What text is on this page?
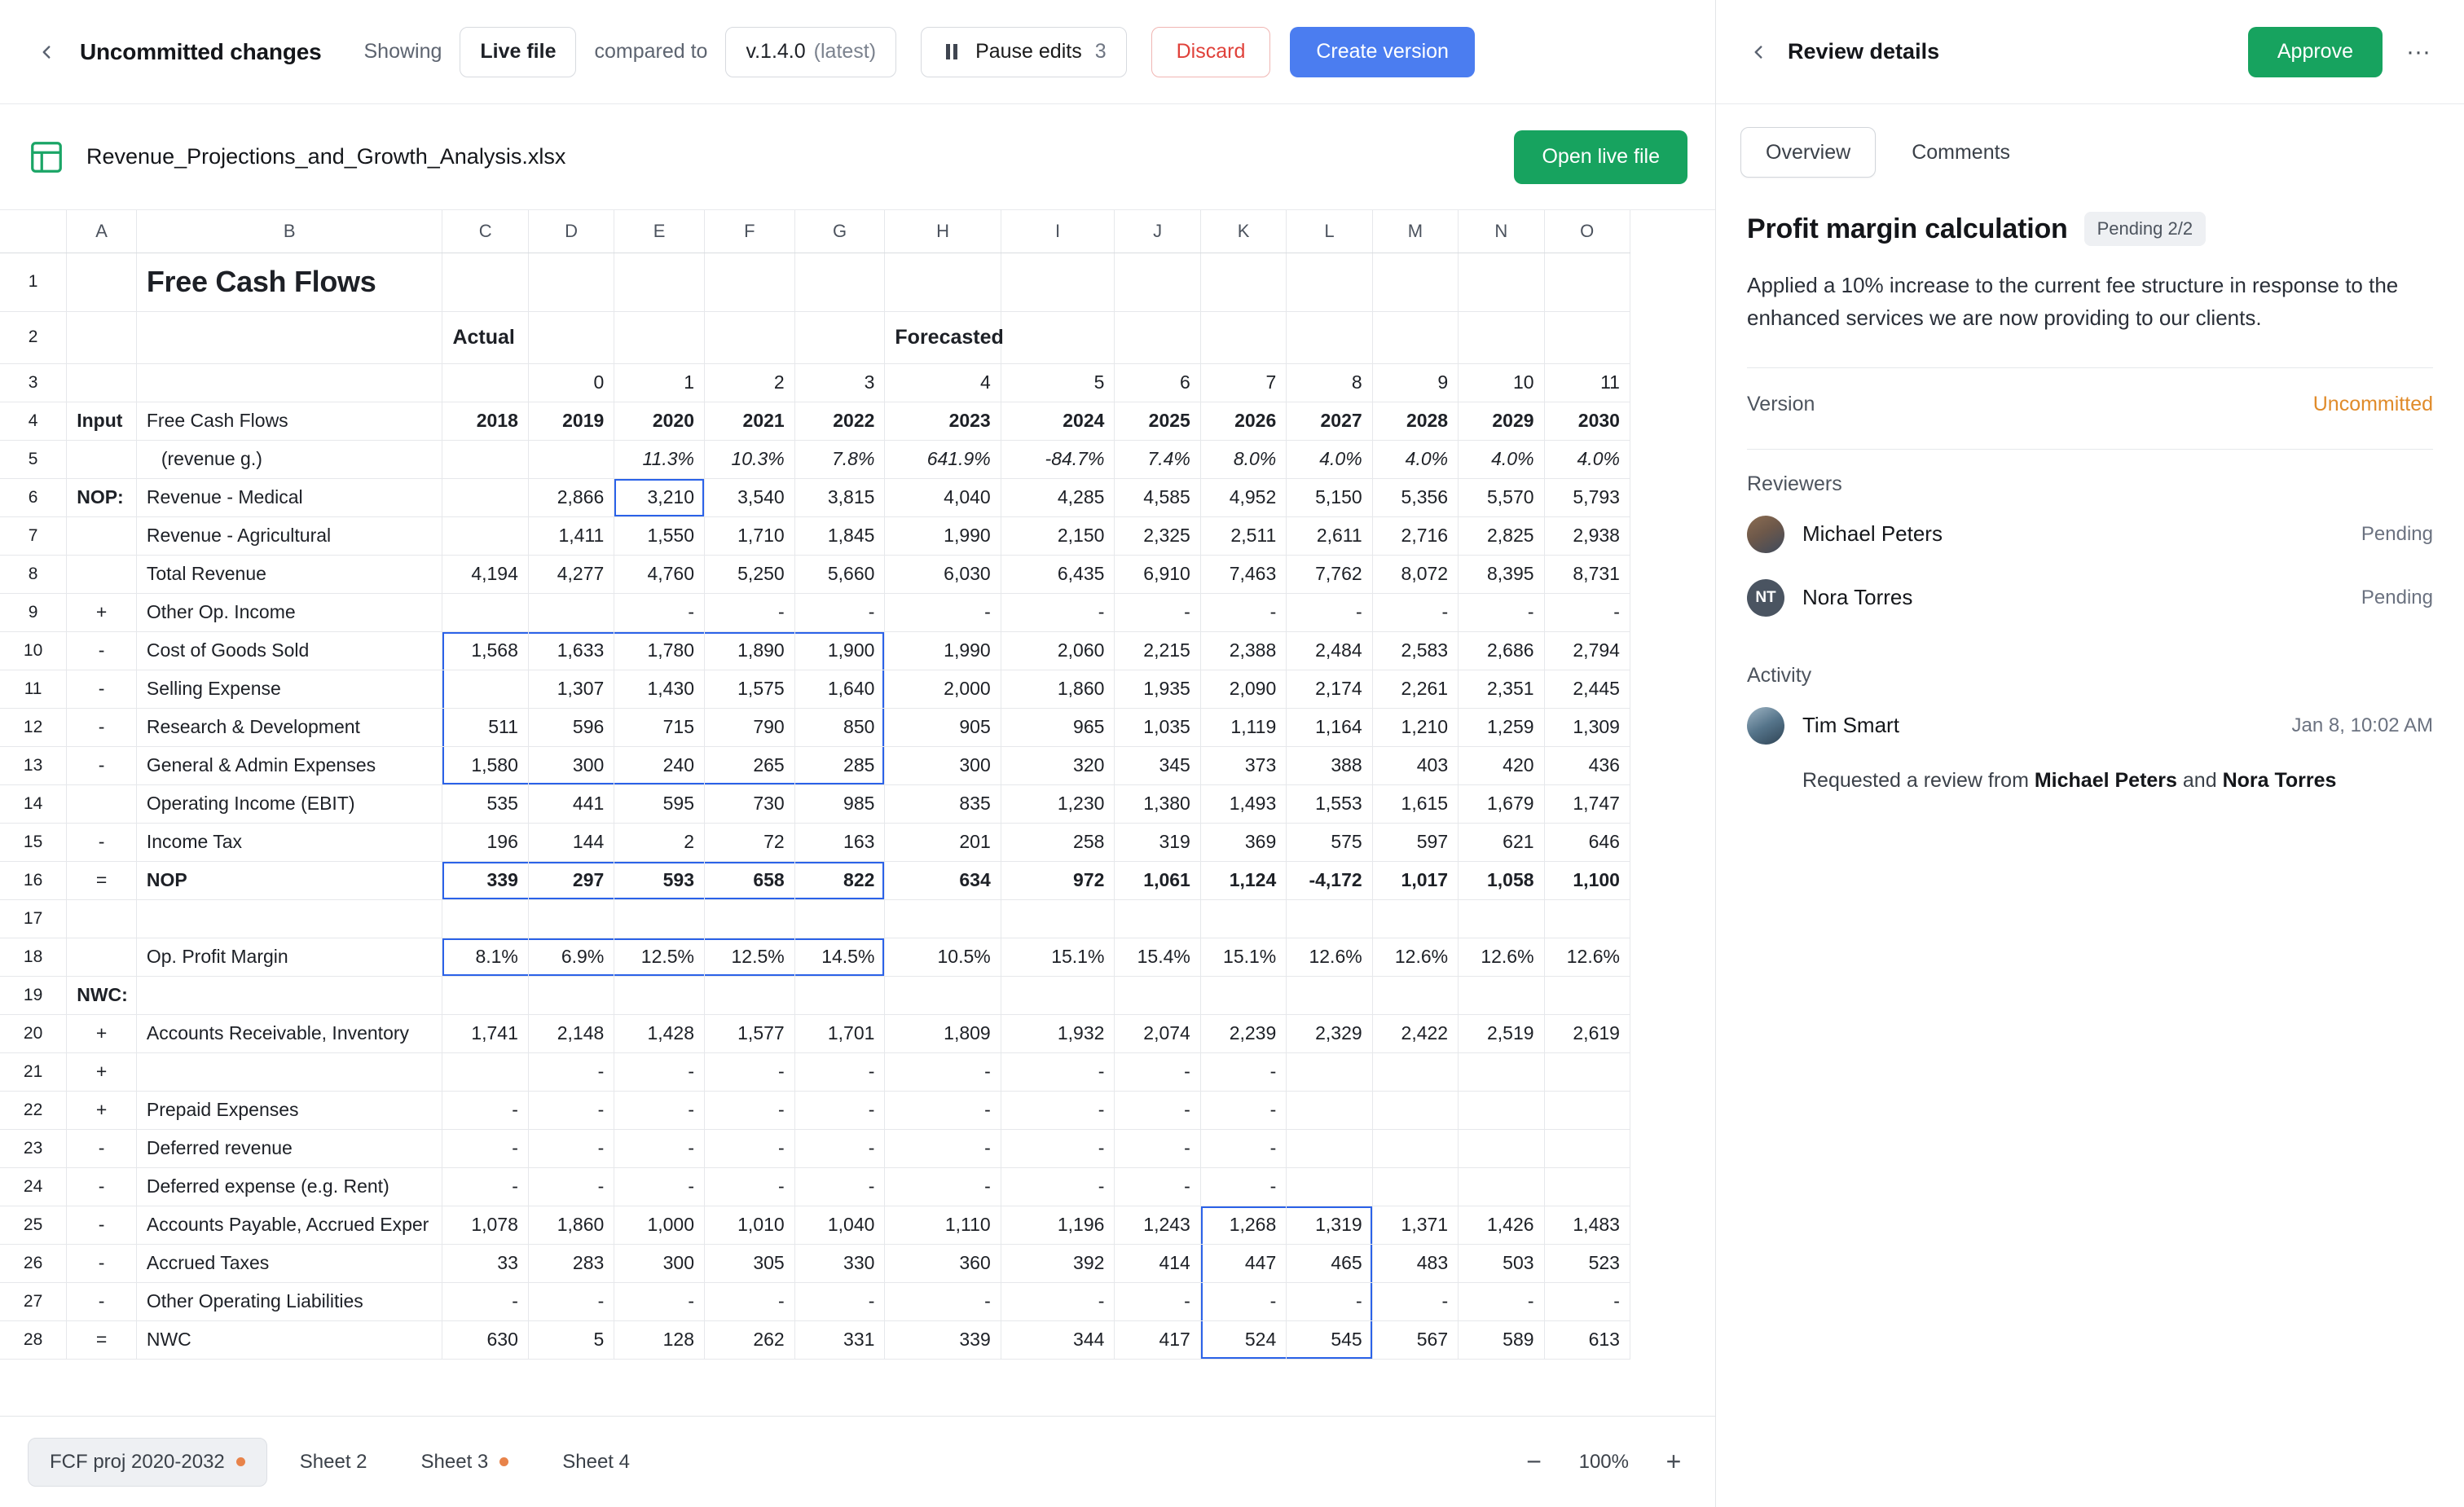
Uncommitted changes Showing	Live file	compared to v.1.4.0 (latest)	Pause edits 3	Discard	Create version
Revenue_Projections_and_Growth_Analysis.xlsx	Open live file
	A	B	C	D	E	F	G	H	I	J	K	L	M	N	O
1		Free Cash Flows													
2			Actual					Forecasted							
3				0	1	2	3	4	5	6	7	8	9	10	11
4	Input	Free Cash Flows	2018	2019	2020	2021	2022	2023	2024	2025	2026	2027	2028	2029	2030
5		(revenue g.)			11.3%	10.3%	7.8%	641.9%	-84.7%	7.4%	8.0%	4.0%	4.0%	4.0%	4.0%
6	NOP:	Revenue - Medical		2,866	3,210	3,540	3,815	4,040	4,285	4,585	4,952	5,150	5,356	5,570	5,793
7		Revenue - Agricultural		1,411	1,550	1,710	1,845	1,990	2,150	2,325	2,511	2,611	2,716	2,825	2,938
8		Total Revenue	4,194	4,277	4,760	5,250	5,660	6,030	6,435	6,910	7,463	7,762	8,072	8,395	8,731
9	+	Other Op. Income			-	-	-	-	-	-	-	-	-	-	-
10	-	Cost of Goods Sold	1,568	1,633	1,780	1,890	1,900	1,990	2,060	2,215	2,388	2,484	2,583	2,686	2,794
11	-	Selling Expense		1,307	1,430	1,575	1,640	2,000	1,860	1,935	2,090	2,174	2,261	2,351	2,445
12	-	Research & Development	511	596	715	790	850	905	965	1,035	1,119	1,164	1,210	1,259	1,309
13	-	General & Admin Expenses	1,580	300	240	265	285	300	320	345	373	388	403	420	436
14		Operating Income (EBIT)	535	441	595	730	985	835	1,230	1,380	1,493	1,553	1,615	1,679	1,747
15	-	Income Tax	196	144	2	72	163	201	258	319	369	575	597	621	646
16	=	NOP	339	297	593	658	822	634	972	1,061	1,124	-4,172	1,017	1,058	1,100
17															
18		Op. Profit Margin	8.1%	6.9%	12.5%	12.5%	14.5%	10.5%	15.1%	15.4%	15.1%	12.6%	12.6%	12.6%	12.6%
19	NWC:														
20	+	Accounts Receivable, Inventory	1,741	2,148	1,428	1,577	1,701	1,809	1,932	2,074	2,239	2,329	2,422	2,519	2,619
21	+			-	-	-	-	-	-	-	-				
22	+	Prepaid Expenses	-	-	-	-	-	-	-	-	-				
23	-	Deferred revenue	-	-	-	-	-	-	-	-	-				
24	-	Deferred expense (e.g. Rent)	-	-	-	-	-	-	-	-	-				
25	-	Accounts Payable, Accrued Exper	1,078	1,860	1,000	1,010	1,040	1,110	1,196	1,243	1,268	1,319	1,371	1,426	1,483
26	-	Accrued Taxes	33	283	300	305	330	360	392	414	447	465	483	503	523
27	-	Other Operating Liabilities	-	-	-	-	-	-	-	-	-	-	-	-	-
28	=	NWC	630	5	128	262	331	339	344	417	524	545	567	589	613
FCF proj 2020-2032	Sheet 2	Sheet 3	Sheet 4	−	100% +
Review details	Approve	···
Overview	Comments
Profit margin calculation	Pending 2/2
Applied a 10% increase to the current fee structure in response to the enhanced services we are now providing to our clients.
Version	Uncommitted
Reviewers
Michael Peters	Pending
NT	Nora Torres	Pending
Activity
Tim Smart	Jan 8, 10:02 AM
Requested a review from Michael Peters and Nora Torres
